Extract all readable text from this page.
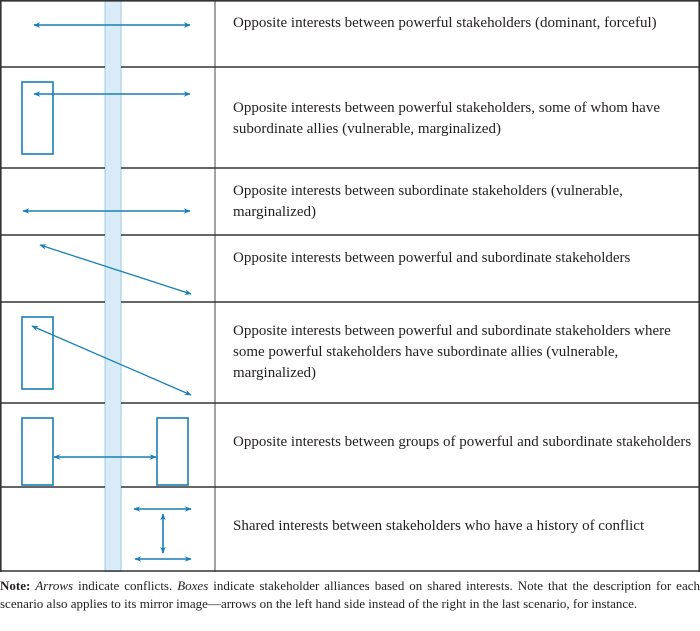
Opposite interests between powerful stakeholders (dominant, forceful)
Opposite interests between powerful stakeholders, some of whom have subordinate allies (vulnerable, marginalized)
Opposite interests between subordinate stakeholders (vulnerable, marginalized)
Opposite interests between powerful and subordinate stakeholders
Opposite interests between powerful and subordinate stakeholders where some powerful stakeholders have subordinate allies (vulnerable, marginalized)
Opposite interests between groups of powerful and subordinate stakeholders
Shared interests between stakeholders who have a history of conflict
Note: Arrows indicate conflicts. Boxes indicate stakeholder alliances based on shared interests. Note that the description for each scenario also applies to its mirror image—arrows on the left hand side instead of the right in the last scenario, for instance.
